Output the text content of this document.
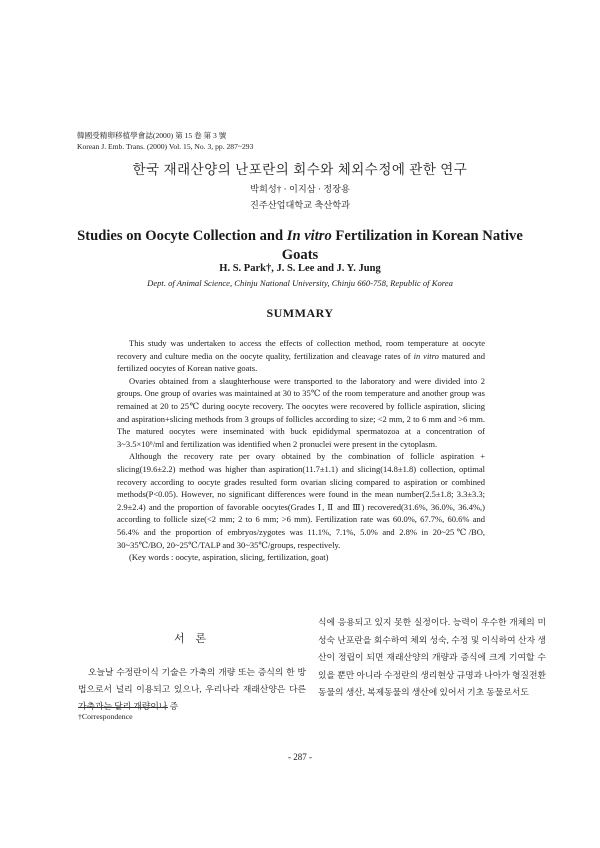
韓國受精卵移植學會誌(2000) 第 15 卷 第 3 號
Korean J. Emb. Trans. (2000) Vol. 15, No. 3, pp. 287~293
한국 재래산양의 난포란의 회수와 체외수정에 관한 연구
박희성† · 이지삼 · 정장용
진주산업대학교 축산학과
Studies on Oocyte Collection and In vitro Fertilization in Korean Native Goats
H. S. Park†, J. S. Lee and J. Y. Jung
Dept. of Animal Science, Chinju National University, Chinju 660-758, Republic of Korea
SUMMARY

This study was undertaken to access the effects of collection method, room temperature at oocyte recovery and culture media on the oocyte quality, fertilization and cleavage rates of in vitro matured and fertilized oocytes of Korean native goats.

Ovaries obtained from a slaughterhouse were transported to the laboratory and were divided into 2 groups. One group of ovaries was maintained at 30 to 35℃ of the room temperature and another group was remained at 20 to 25℃ during oocyte recovery. The oocytes were recovered by follicle aspiration, slicing and aspiration+slicing methods from 3 groups of follicles according to size; <2 mm, 2 to 6 mm and >6 mm. The matured oocytes were inseminated with buck epididymal spermatozoa at a concentration of 3~3.5×10⁶/ml and fertilization was identified when 2 pronuclei were present in the cytoplasm.

Although the recovery rate per ovary obtained by the combination of follicle aspiration + slicing(19.6±2.2) method was higher than aspiration(11.7±1.1) and slicing(14.8±1.8) collection, optimal recovery according to oocyte grades resulted form ovarian slicing compared to aspiration or combined methods(P<0.05). However, no significant differences were found in the mean number(2.5±1.8; 3.3±3.3; 2.9±2.4) and the proportion of favorable oocytes(Grades Ⅰ, Ⅱ and Ⅲ) recovered(31.6%, 36.0%, 36.4%,) according to follicle size(<2 mm; 2 to 6 mm; >6 mm). Fertilization rate was 60.0%, 67.7%, 60.6% and 56.4% and the proportion of embryos/zygotes was 11.1%, 7.1%, 5.0% and 2.8% in 20~25℃/BO, 30~35℃/BO, 20~25℃/TALP and 30~35℃/groups, respectively.

(Key words : oocyte, aspiration, slicing, fertilization, goat)

서 론

오늘날 수정란이식 기술은 가축의 개량 또는 증식의 한 방법으로서 널리 이용되고 있으나, 우리나라 재래산양은 다른 가축과는 달리 개량이나 증

식에 응용되고 있지 못한 실정이다. 능력이 우수한 개체의 미성숙 난포란을 회수하여 체외 성숙, 수정 및 이식하여 산자 생산이 정립이 되면 재래산양의 개량과 증식에 크게 기여할 수 있을 뿐만 아니라 수정란의 생리현상 규명과 나아가 형질전환동물의 생산, 복제동물의 생산에 있어서 기초 동물로서도

†Correspondence
- 287 -
